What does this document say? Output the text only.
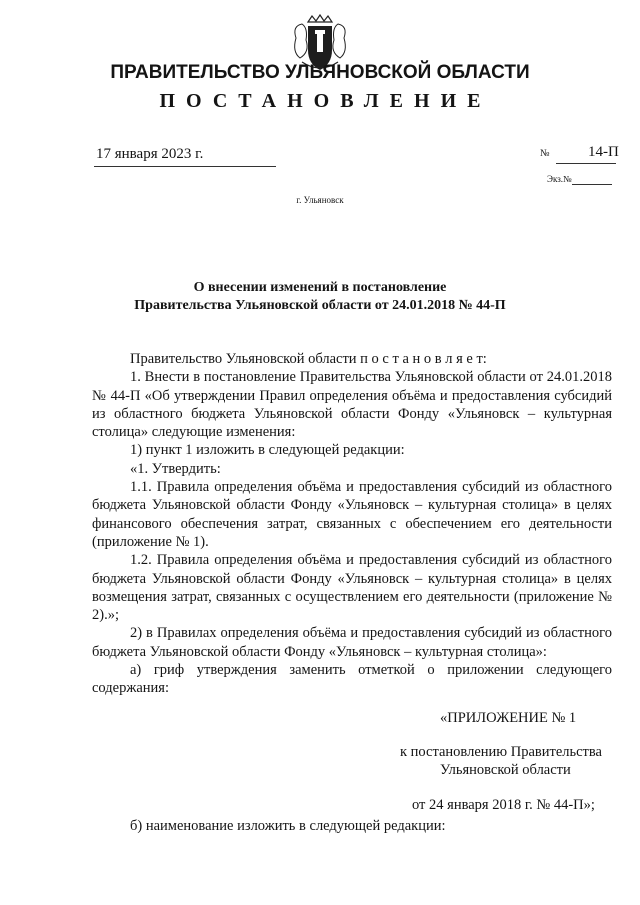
ПРАВИТЕЛЬСТВО УЛЬЯНОВСКОЙ ОБЛАСТИ
ПОСТАНОВЛЕНИЕ
17 января 2023 г.	№	14-П
Экз.№
г. Ульяновск
О внесении изменений в постановление
Правительства Ульяновской области от 24.01.2018 № 44-П

Правительство Ульяновской области п о с т а н о в л я е т:

1. Внести в постановление Правительства Ульяновской области от 24.01.2018 № 44-П «Об утверждении Правил определения объёма и предоставления субсидий из областного бюджета Ульяновской области Фонду «Ульяновск – культурная столица» следующие изменения:

1) пункт 1 изложить в следующей редакции:

«1. Утвердить:

1.1. Правила определения объёма и предоставления субсидий из областного бюджета Ульяновской области Фонду «Ульяновск – культурная столица» в целях финансового обеспечения затрат, связанных с обеспечением его деятельности (приложение № 1).

1.2. Правила определения объёма и предоставления субсидий из областного бюджета Ульяновской области Фонду «Ульяновск – культурная столица» в целях возмещения затрат, связанных с осуществлением его деятельности (приложение № 2).»;

2) в Правилах определения объёма и предоставления субсидий из областного бюджета Ульяновской области Фонду «Ульяновск – культурная столица»:

а) гриф утверждения заменить отметкой о приложении следующего содержания:

«ПРИЛОЖЕНИЕ № 1
к постановлению Правительства
Ульяновской области
от 24 января 2018 г. № 44-П»;
б) наименование изложить в следующей редакции:
